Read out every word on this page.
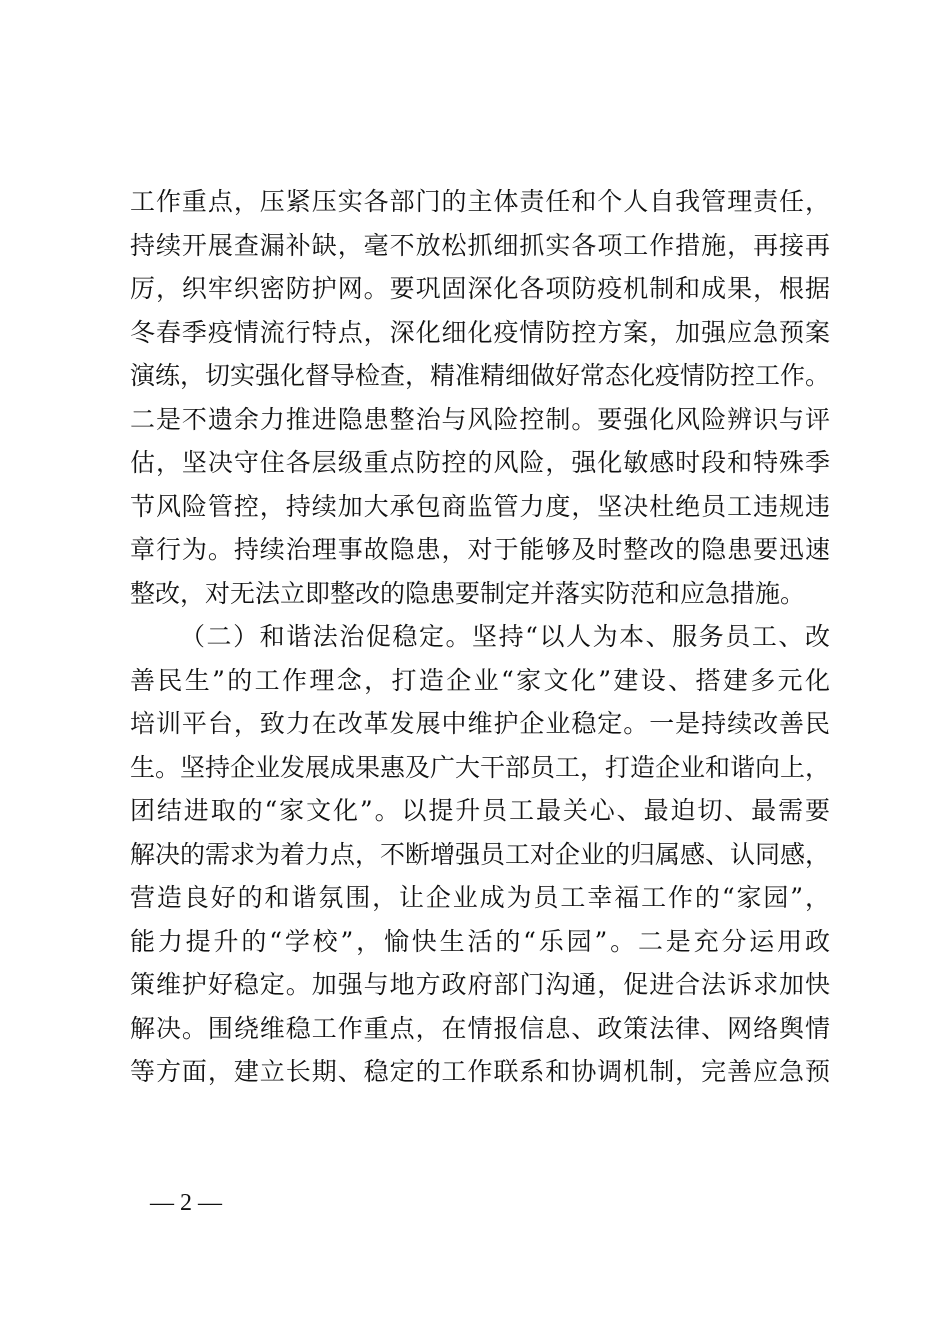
工作重点，压紧压实各部门的主体责任和个人自我管理责任，
持续开展查漏补缺，毫不放松抓细抓实各项工作措施，再接再
厉，织牢织密防护网。要巩固深化各项防疫机制和成果，根据
冬春季疫情流行特点，深化细化疫情防控方案，加强应急预案
演练，切实强化督导检查，精准精细做好常态化疫情防控工作。
二是不遗余力推进隐患整治与风险控制。要强化风险辨识与评
估，坚决守住各层级重点防控的风险，强化敏感时段和特殊季
节风险管控，持续加大承包商监管力度，坚决杜绝员工违规违
章行为。持续治理事故隐患，对于能够及时整改的隐患要迅速
整改，对无法立即整改的隐患要制定并落实防范和应急措施。
（二）和谐法治促稳定。坚持“以人为本、服务员工、改
善民生”的工作理念，打造企业“家文化”建设、搭建多元化
培训平台，致力在改革发展中维护企业稳定。一是持续改善民
生。坚持企业发展成果惠及广大干部员工，打造企业和谐向上，
团结进取的“家文化”。以提升员工最关心、最迫切、最需要
解决的需求为着力点，不断增强员工对企业的归属感、认同感，
营造良好的和谐氛围，让企业成为员工幸福工作的“家园”，
能力提升的“学校”，愉快生活的“乐园”。二是充分运用政
策维护好稳定。加强与地方政府部门沟通，促进合法诉求加快
解决。围绕维稳工作重点，在情报信息、政策法律、网络舆情
等方面，建立长期、稳定的工作联系和协调机制，完善应急预
— 2 —
